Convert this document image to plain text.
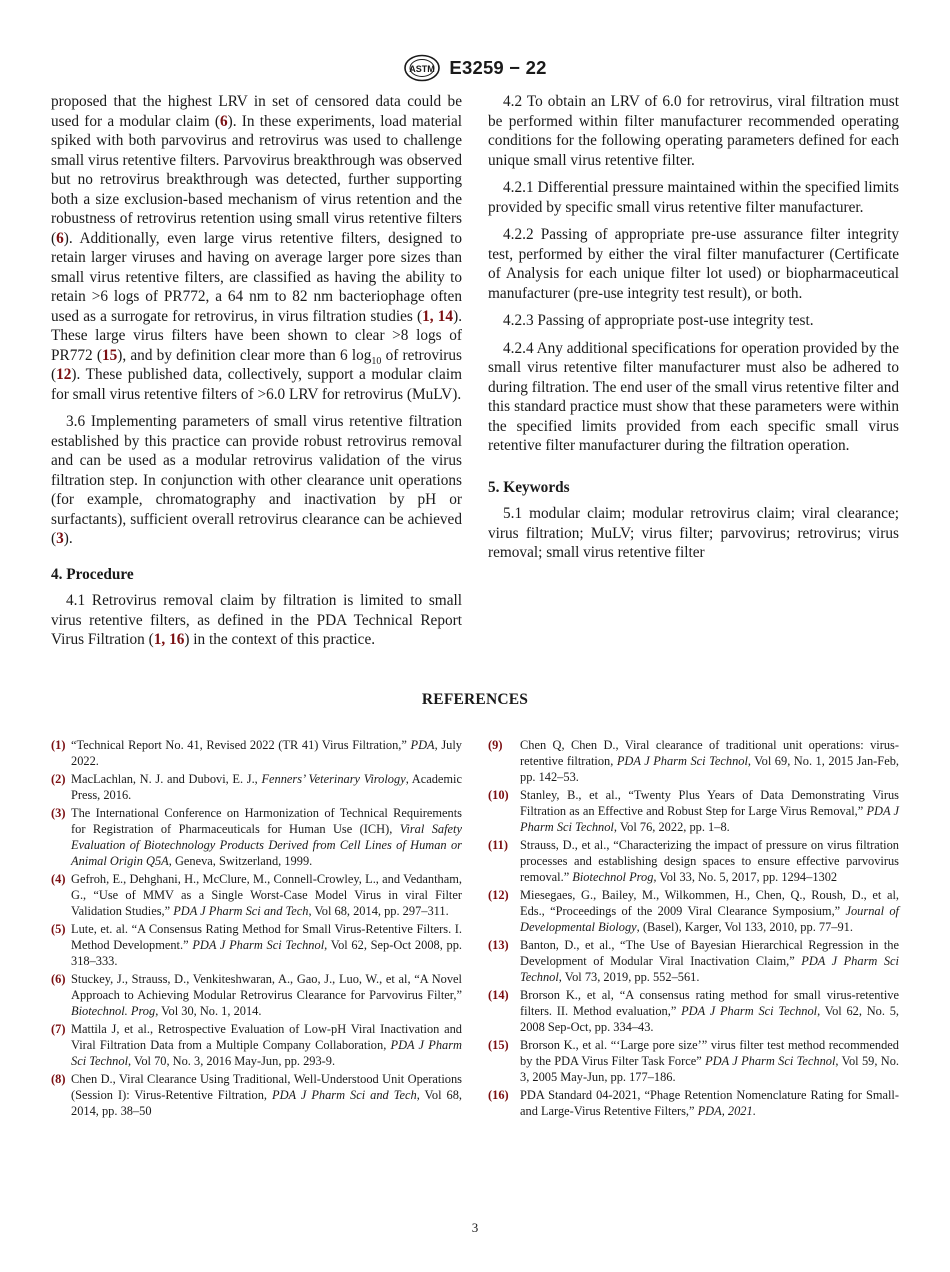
ASTM E3259 − 22

proposed that the highest LRV in set of censored data could be used for a modular claim (6). In these experiments, load material spiked with both parvovirus and retrovirus was used to challenge small virus retentive filters. Parvovirus breakthrough was observed but no retrovirus breakthrough was detected, further supporting both a size exclusion-based mechanism of virus retention and the robustness of retrovirus retention using small virus retentive filters (6). Additionally, even large virus retentive filters, designed to retain larger viruses and having on average larger pore sizes than small virus retentive filters, are classified as having the ability to retain >6 logs of PR772, a 64 nm to 82 nm bacteriophage often used as a surrogate for retrovirus, in virus filtration studies (1, 14). These large virus filters have been shown to clear >8 logs of PR772 (15), and by definition clear more than 6 $\log_{10}$ of retrovirus (12). These published data, collectively, support a modular claim for small virus retentive filters of >6.0 LRV for retrovirus (MuLV).

3.6 Implementing parameters of small virus retentive filtration established by this practice can provide robust retrovirus removal and can be used as a modular retrovirus validation of the virus filtration step. In conjunction with other clearance unit operations (for example, chromatography and inactivation by pH or surfactants), sufficient overall retrovirus clearance can be achieved (3).

4. Procedure

4.1 Retrovirus removal claim by filtration is limited to small virus retentive filters, as defined in the PDA Technical Report Virus Filtration (1, 16) in the context of this practice.

4.2 To obtain an LRV of 6.0 for retrovirus, viral filtration must be performed within filter manufacturer recommended operating conditions for the following operating parameters defined for each unique small virus retentive filter.

4.2.1 Differential pressure maintained within the specified limits provided by specific small virus retentive filter manufacturer.

4.2.2 Passing of appropriate pre-use assurance filter integrity test, performed by either the viral filter manufacturer (Certificate of Analysis for each unique filter lot used) or biopharmaceutical manufacturer (pre-use integrity test result), or both.

4.2.3 Passing of appropriate post-use integrity test.

4.2.4 Any additional specifications for operation provided by the small virus retentive filter manufacturer must also be adhered to during filtration. The end user of the small virus retentive filter and this standard practice must show that these parameters were within the specified limits provided from each specific small virus retentive filter manufacturer during the filtration operation.

5. Keywords

5.1 modular claim; modular retrovirus claim; viral clearance; virus filtration; MuLV; virus filter; parvovirus; retrovirus; virus removal; small virus retentive filter

REFERENCES
(1) “Technical Report No. 41, Revised 2022 (TR 41) Virus Filtration,” PDA, July 2022.
(2) MacLachlan, N. J. and Dubovi, E. J., Fenners’ Veterinary Virology, Academic Press, 2016.
(3) The International Conference on Harmonization of Technical Requirements for Registration of Pharmaceuticals for Human Use (ICH), Viral Safety Evaluation of Biotechnology Products Derived from Cell Lines of Human or Animal Origin Q5A, Geneva, Switzerland, 1999.
(4) Gefroh, E., Dehghani, H., McClure, M., Connell-Crowley, L., and Vedantham, G., “Use of MMV as a Single Worst-Case Model Virus in viral Filter Validation Studies,” PDA J Pharm Sci and Tech, Vol 68, 2014, pp. 297–311.
(5) Lute, et. al. “A Consensus Rating Method for Small Virus-Retentive Filters. I. Method Development.” PDA J Pharm Sci Technol, Vol 62, Sep-Oct 2008, pp. 318–333.
(6) Stuckey, J., Strauss, D., Venkiteshwaran, A., Gao, J., Luo, W., et al, “A Novel Approach to Achieving Modular Retrovirus Clearance for Parvovirus Filter,” Biotechnol. Prog, Vol 30, No. 1, 2014.
(7) Mattila J, et al., Retrospective Evaluation of Low-pH Viral Inactivation and Viral Filtration Data from a Multiple Company Collaboration, PDA J Pharm Sci Technol, Vol 70, No. 3, 2016 May-Jun, pp. 293-9.
(8) Chen D., Viral Clearance Using Traditional, Well-Understood Unit Operations (Session I): Virus-Retentive Filtration, PDA J Pharm Sci and Tech, Vol 68, 2014, pp. 38–50
(9) Chen Q, Chen D., Viral clearance of traditional unit operations: virus-retentive filtration, PDA J Pharm Sci Technol, Vol 69, No. 1, 2015 Jan-Feb, pp. 142–53.
(10) Stanley, B., et al., “Twenty Plus Years of Data Demonstrating Virus Filtration as an Effective and Robust Step for Large Virus Removal,” PDA J Pharm Sci Technol, Vol 76, 2022, pp. 1–8.
(11) Strauss, D., et al., “Characterizing the impact of pressure on virus filtration processes and establishing design spaces to ensure effective parvovirus removal.” Biotechnol Prog, Vol 33, No. 5, 2017, pp. 1294–1302
(12) Miesegaes, G., Bailey, M., Wilkommen, H., Chen, Q., Roush, D., et al, Eds., “Proceedings of the 2009 Viral Clearance Symposium,” Journal of Developmental Biology, (Basel), Karger, Vol 133, 2010, pp. 77–91.
(13) Banton, D., et al., “The Use of Bayesian Hierarchical Regression in the Development of Modular Viral Inactivation Claim,” PDA J Pharm Sci Technol, Vol 73, 2019, pp. 552–561.
(14) Brorson K., et al, “A consensus rating method for small virus-retentive filters. II. Method evaluation,” PDA J Pharm Sci Technol, Vol 62, No. 5, 2008 Sep-Oct, pp. 334–43.
(15) Brorson K., et al. “‘Large pore size’” virus filter test method recommended by the PDA Virus Filter Task Force” PDA J Pharm Sci Technol, Vol 59, No. 3, 2005 May-Jun, pp. 177–186.
(16) PDA Standard 04-2021, “Phage Retention Nomenclature Rating for Small- and Large-Virus Retentive Filters,” PDA, 2021.
3
